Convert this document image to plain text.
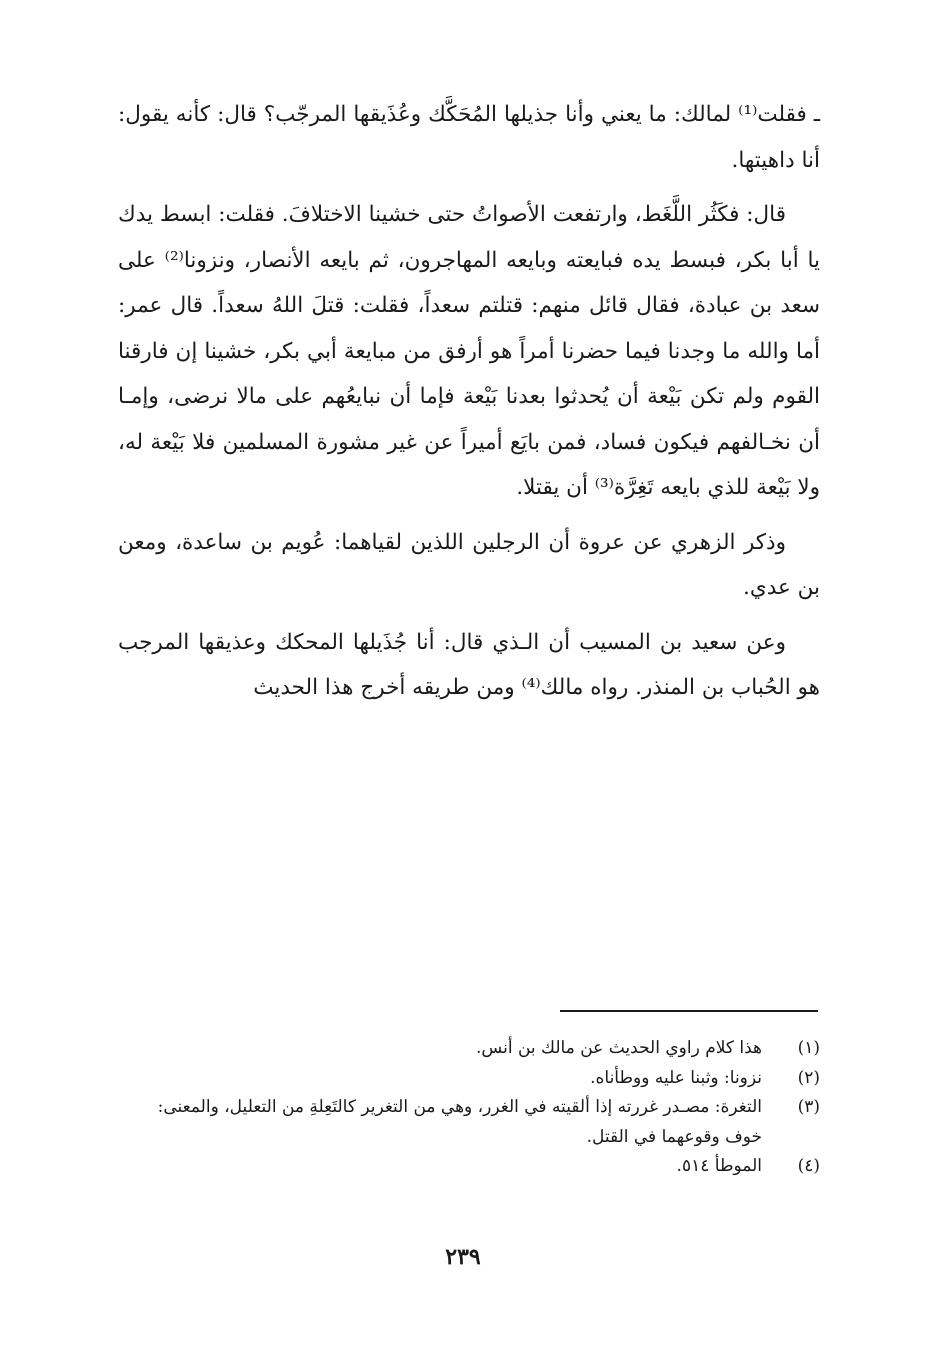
ـ فقلت⁽¹⁾ لمالك: ما يعني وأنا جذيلها المُحَكَّك وعُذَيقها المرجّب؟ قال: كأنه يقول: أنا داهيتها.

قال: فكَثُر اللَّغَط، وارتفعت الأصواتُ حتى خشينا الاختلافَ. فقلت: ابسط يدك يا أبا بكر، فبسط يده فبايعته وبايعه المهاجرون، ثم بايعه الأنصار، ونزونا⁽²⁾ على سعد بن عبادة، فقال قائل منهم: قتلتم سعداً، فقلت: قتلَ اللهُ سعداً. قال عمر: أما والله ما وجدنا فيما حضرنا أمراً هو أرفق من مبايعة أبي بكر، خشينا إن فارقنا القوم ولم تكن بَيْعة أن يُحدثوا بعدنا بَيْعة فإما أن نبايعُهم على مالا نرضى، وإمـا أن نخـالفهم فيكون فساد، فمن بايَع أميراً عن غير مشورة المسلمين فلا بَيْعة له، ولا بَيْعة للذي بايعه تَغِرَّة⁽³⁾ أن يقتلا.

وذكر الزهري عن عروة أن الرجلين اللذين لقياهما: عُويم بن ساعدة، ومعن بن عدي.

وعن سعيد بن المسيب أن الـذي قال: أنا جُذَيلها المحكك وعذيقها المرجب هو الحُباب بن المنذر. رواه مالك⁽⁴⁾ ومن طريقه أخرج هذا الحديث

(١)
هذا كلام راوي الحديث عن مالك بن أنس.
(٢)
نزونا: وثبنا عليه ووطأناه.
(٣)
التغرة: مصـدر غررته إذا ألقيته في الغرر، وهي من التغرير كالتَعِلةِ من التعليل، والمعنى: خوف وقوعهما في القتل.
(٤)
الموطأ ٥١٤.
٢٣٩
